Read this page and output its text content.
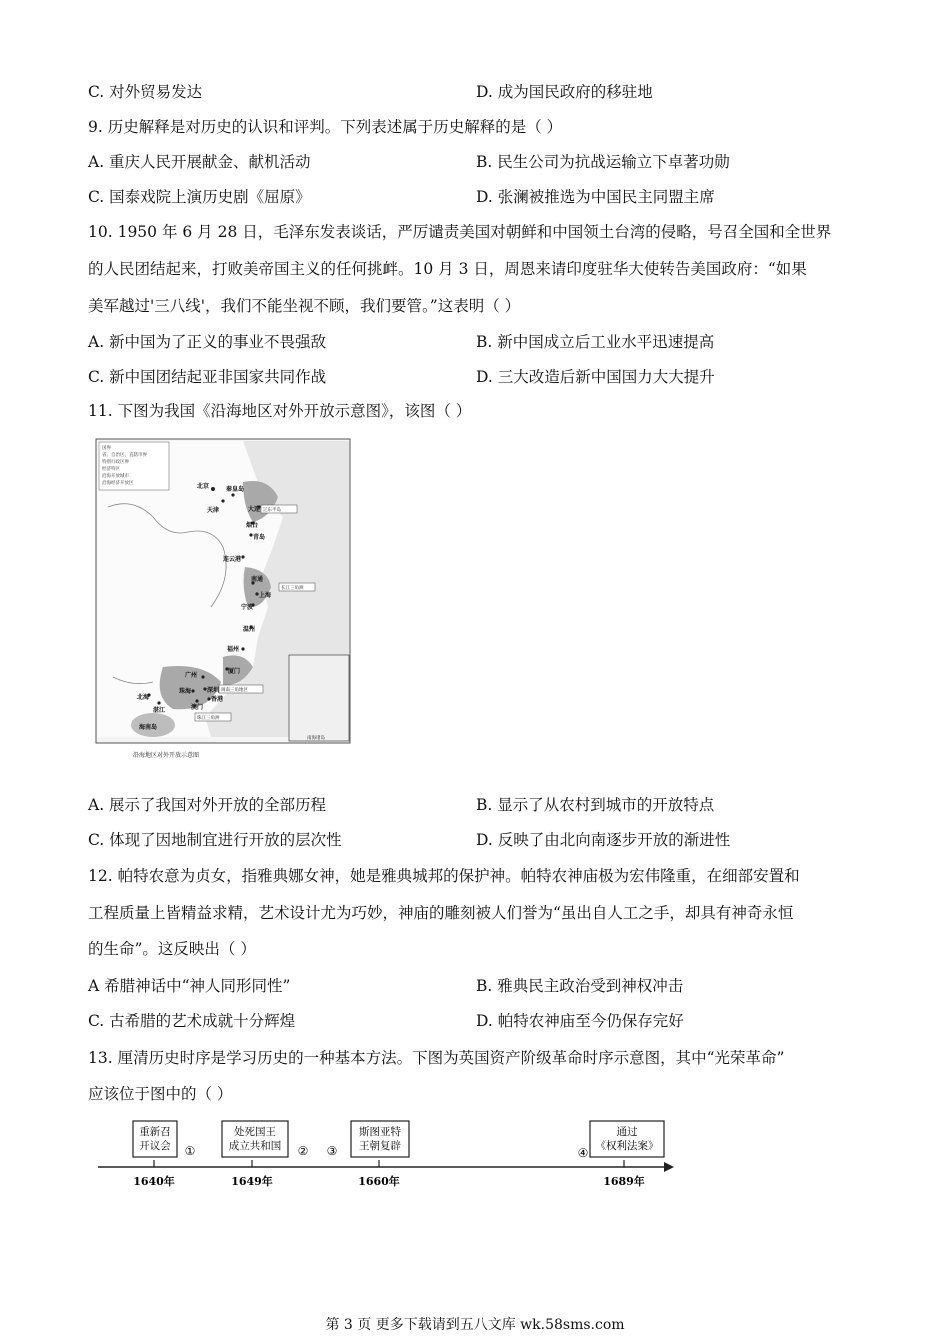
C. 对外贸易发达	D. 成为国民政府的移驻地
9. 历史解释是对历史的认识和评判。下列表述属于历史解释的是（ ）
A. 重庆人民开展献金、献机活动	B. 民生公司为抗战运输立下卓著功勋
C. 国泰戏院上演历史剧《屈原》	D. 张澜被推选为中国民主同盟主席
10. 1950 年 6 月 28 日，毛泽东发表谈话，严厉谴责美国对朝鲜和中国领土台湾的侵略，号召全国和全世界
的人民团结起来，打败美帝国主义的任何挑衅。10 月 3 日，周恩来请印度驻华大使转告美国政府：“如果
美军越过'三八线'，我们不能坐视不顾，我们要管。”这表明（ ）
A. 新中国为了正义的事业不畏强敌	B. 新中国成立后工业水平迅速提高
C. 新中国团结起亚非国家共同作战	D. 三大改造后新中国国力大大提升
11. 下图为我国《沿海地区对外开放示意图》，该图（ ）
国界
省、自治区、直辖市界
特别行政区界
经济特区
沿海开放城市
沿海经济开放区	北京
天津
秦皇岛
大连
烟台
青岛
连云港
南通
上海
宁波
温州
福州
厦门
广州
深圳
珠海
香港
澳门
北海
湛江
海南岛
辽东半岛
长江三角洲
闽南三角地区
珠江三角洲
南海诸岛
沿海地区对外开放示意图
A. 展示了我国对外开放的全部历程	B. 显示了从农村到城市的开放特点
C. 体现了因地制宜进行开放的层次性	D. 反映了由北向南逐步开放的渐进性
12. 帕特农意为贞女，指雅典娜女神，她是雅典城邦的保护神。帕特农神庙极为宏伟隆重，在细部安置和
工程质量上皆精益求精，艺术设计尤为巧妙，神庙的雕刻被人们誉为“虽出自人工之手，却具有神奇永恒
的生命”。这反映出（ ）
A 希腊神话中“神人同形同性”	B. 雅典民主政治受到神权冲击
C. 古希腊的艺术成就十分辉煌	D. 帕特农神庙至今仍保存完好
13. 厘清历史时序是学习历史的一种基本方法。下图为英国资产阶级革命时序示意图，其中“光荣革命”
应该位于图中的（ ）
重新召
开议会
处死国王
成立共和国
斯图亚特
王朝复辟
通过
《权利法案》
①	② ③	④
1640年	1649年	1660年	1689年
第 3 页 更多下载请到五八文库 wk.58sms.com
